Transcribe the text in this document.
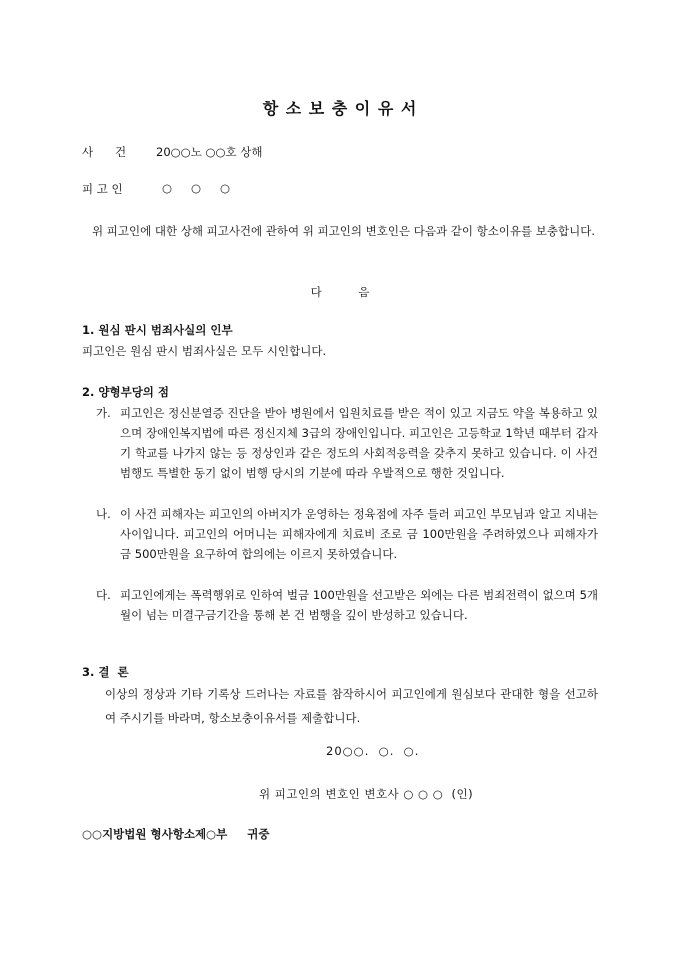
항 소 보 충 이 유 서
사      건	20○○노 ○○호 상해
피 고 인	○   ○   ○
위 피고인에 대한 상해 피고사건에 관하여 위 피고인의 변호인은 다음과 같이 항소이유를 보충합니다.
다          음
1. 원심 판시 범죄사실의 인부
피고인은 원심 판시 범죄사실은 모두 시인합니다.
2. 양형부당의 점
가. 피고인은 정신분열증 진단을 받아 병원에서 입원치료를 받은 적이 있고 지금도 약을 복용하고 있으며 장애인복지법에 따른 정신지체 3급의 장애인입니다. 피고인은 고등학교 1학년 때부터 갑자기 학교를 나가지 않는 등 정상인과 같은 정도의 사회적응력을 갖추지 못하고 있습니다. 이 사건 범행도 특별한 동기 없이 범행 당시의 기분에 따라 우발적으로 행한 것입니다.
나. 이 사건 피해자는 피고인의 아버지가 운영하는 정육점에 자주 들러 피고인 부모님과 알고 지내는 사이입니다. 피고인의 어머니는 피해자에게 치료비 조로 금 100만원을 주려하였으나 피해자가 금 500만원을 요구하여 합의에는 이르지 못하였습니다.
다. 피고인에게는 폭력행위로 인하여 벌금 100만원을 선고받은 외에는 다른 범죄전력이 없으며 5개월이 넘는 미결구금기간을 통해 본 건 범행을 깊이 반성하고 있습니다.
3. 결  론
이상의 정상과 기타 기록상 드러나는 자료를 참작하시어 피고인에게 원심보다 관대한 형을 선고하여 주시기를 바라며, 항소보충이유서를 제출합니다.
20○○.  ○.  ○.
위 피고인의 변호인 변호사 ○ ○ ○  (인)
○○지방법원 형사항소제○부     귀중
